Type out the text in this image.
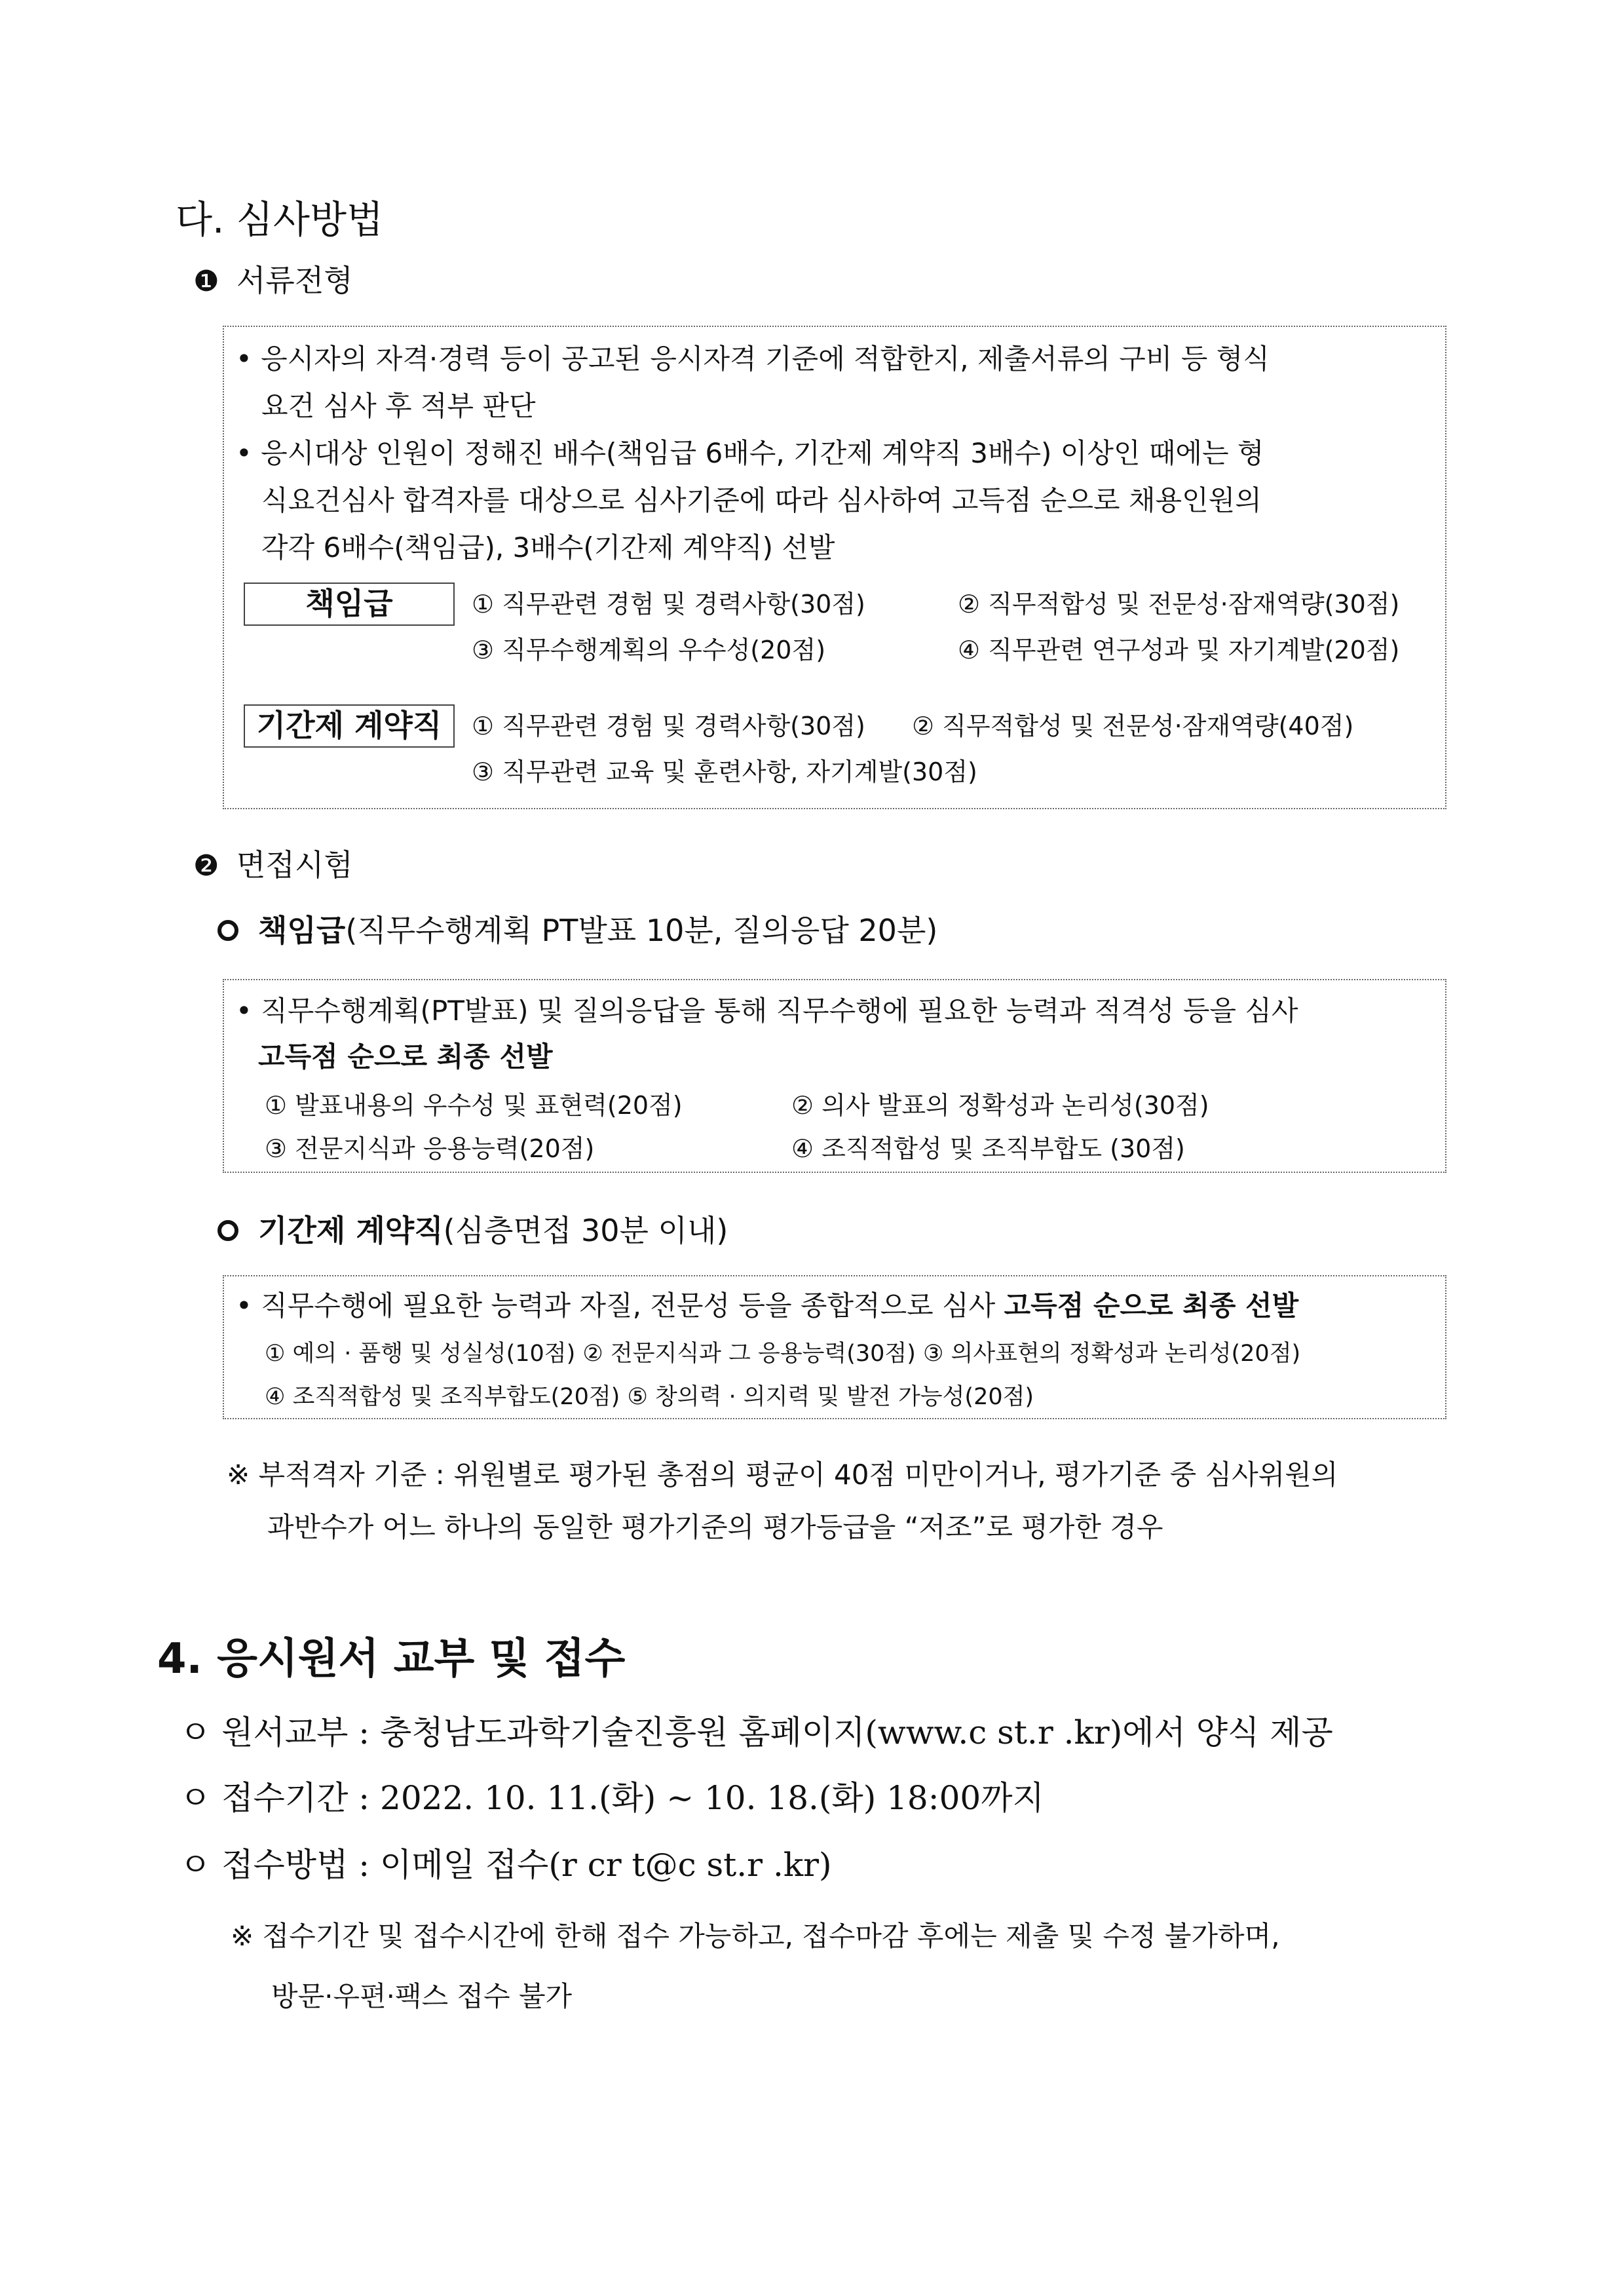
다. 심사방법
❶ 서류전형
• 응시자의 자격·경력 등이 공고된 응시자격 기준에 적합한지, 제출서류의 구비 등 형식
요건 심사 후 적부 판단
• 응시대상 인원이 정해진 배수(책임급 6배수, 기간제 계약직 3배수) 이상인 때에는 형
식요건심사 합격자를 대상으로 심사기준에 따라 심사하여 고득점 순으로 채용인원의
각각 6배수(책임급), 3배수(기간제 계약직) 선발
책임급	① 직무관련 경험 및 경력사항(30점)	② 직무적합성 및 전문성·잠재역량(30점)
③ 직무수행계획의 우수성(20점)	④ 직무관련 연구성과 및 자기계발(20점)
기간제 계약직	① 직무관련 경험 및 경력사항(30점) ② 직무적합성 및 전문성·잠재역량(40점)
③ 직무관련 교육 및 훈련사항, 자기계발(30점)
❷ 면접시험
책임급(직무수행계획 PT발표 10분, 질의응답 20분)
• 직무수행계획(PT발표) 및 질의응답을 통해 직무수행에 필요한 능력과 적격성 등을 심사
고득점 순으로 최종 선발
① 발표내용의 우수성 및 표현력(20점)	② 의사 발표의 정확성과 논리성(30점)
③ 전문지식과 응용능력(20점)	④ 조직적합성 및 조직부합도 (30점)
기간제 계약직(심층면접 30분 이내)
• 직무수행에 필요한 능력과 자질, 전문성 등을 종합적으로 심사 고득점 순으로 최종 선발
① 예의 · 품행 및 성실성(10점) ② 전문지식과 그 응용능력(30점) ③ 의사표현의 정확성과 논리성(20점)
④ 조직적합성 및 조직부합도(20점) ⑤ 창의력 · 의지력 및 발전 가능성(20점)
※ 부적격자 기준 : 위원별로 평가된 총점의 평균이 40점 미만이거나, 평가기준 중 심사위원의
과반수가 어느 하나의 동일한 평가기준의 평가등급을 “저조”로 평가한 경우
4. 응시원서 교부 및 접수
ㅇ 원서교부 : 충청남도과학기술진흥원 홈페이지(www.c st.r .kr)에서 양식 제공
ㅇ 접수기간 : 2022. 10. 11.(화) ~ 10. 18.(화) 18:00까지
ㅇ 접수방법 : 이메일 접수(r cr t@c st.r .kr)
※ 접수기간 및 접수시간에 한해 접수 가능하고, 접수마감 후에는 제출 및 수정 불가하며,
방문·우편·팩스 접수 불가
